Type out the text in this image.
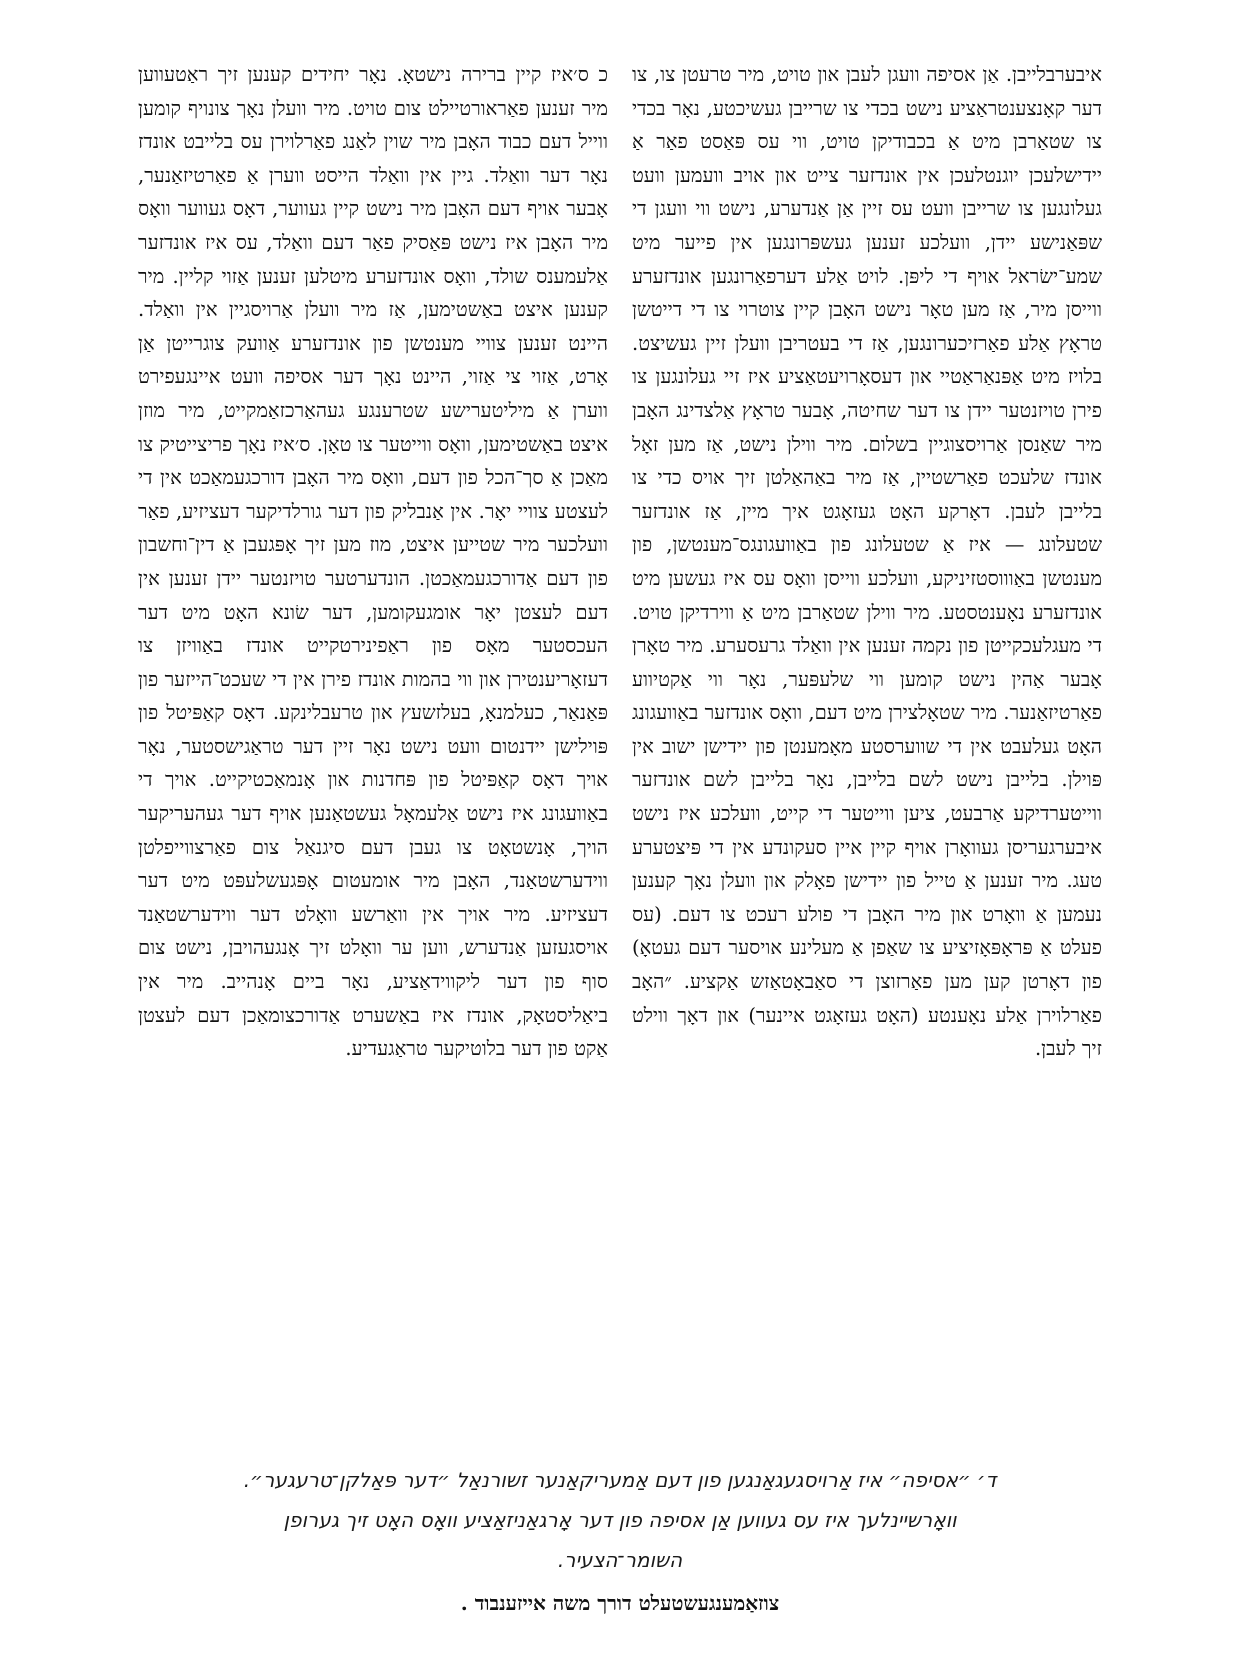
איבערבלייבן. אַן אסיפה וועגן לעבן און טויט, מיר טרעטן צו, צו דער קאָנצענטראַציע נישט בכדי צו שרייבן געשיכטע, נאָר בכדי צו שטאַרבן מיט אַ בכבודיקן טויט, ווי עס פּאַסט פאַר אַ יידישלעכן יוגנטלעכן אין אונדזער צייט און אויב וועמען וועט געלונגען צו שרייבן וועט עס זיין אַן אַנדערע, נישט ווי וועגן די שפּאַנישע יידן, וועלכע זענען געשפּרונגען אין פייער מיט שמע־ישׂראל אויף די ליפּן. לויט אַלע דערפאַרונגען אונדזערע ווייסן מיר, אַז מען טאָר נישט האָבן קיין צוטרוי צו די דייטשן טראָץ אַלע פאַרזיכערונגען, אַז די בעטריבן וועלן זיין געשיצט. בלויז מיט אַפּנאַראַטיי און דעסאָרויעטאַציע איז זיי געלונגען צו פירן טויזנטער יידן צו דער שחיטה, אָבער טראָץ אַלצדינג האָבן מיר שאַנסן אַרויסצוגיין בשלום. מיר ווילן נישט, אַז מען זאָל אונדז שלעכט פאַרשטיין, אַז מיר באַהאַלטן זיך אויס כדי צו בלייבן לעבן. דאָרקע האָט געזאָגט איך מיין, אַז אונדזער שטעלונג — איז אַ שטעלונג פון באַוועגונגס־מענטשן, פון מענטשן באַוווסטזיניקע, וועלכע ווייסן וואָס עס איז געשען מיט אונדזערע נאָענטסטע. מיר ווילן שטאַרבן מיט אַ ווירדיקן טויט. די מעגלעכקייטן פון נקמה זענען אין וואַלד גרעסערע. מיר טאָרן אָבער אַהין נישט קומען ווי שלעפּער, נאָר ווי אַקטיווע פאַרטיזאַנער. מיר שטאָלצירן מיט דעם, וואָס אונדזער באַוועגונג האָט געלעבט אין די שווערסטע מאָמענטן פון יידישן ישוב אין פּוילן. בלייבן נישט לשם בלייבן, נאָר בלייבן לשם אונדזער ווייטערדיקע אַרבעט, ציען ווייטער די קייט, וועלכע איז נישט איבערגעריסן געוואָרן אויף קיין איין סעקונדע אין די פּיצטערע טעג. מיר זענען אַ טייל פון יידישן פאָלק און וועלן נאָך קענען נעמען אַ וואָרט און מיר האָבן די פולע רעכט צו דעם. (עס פעלט אַ פּראָפּאָזיציע צו שאַפן אַ מעלינע אויסער דעם געטאָ) פון דאָרטן קען מען פאַרזוצן די סאַבאָטאַזש אַקציע. ״האָב פאַרלוירן אַלע נאָענטע (האָט געזאָגט איינער) און דאָך ווילט זיך לעבן.

כ ס׳איז קיין ברירה נישטאָ. נאָר יחידים קענען זיך ראַטעווען מיר זענען פאַראורטיילט צום טויט. מיר וועלן נאָך צונויף קומען ווייל דעם כבוד האָבן מיר שוין לאַנג פאַרלוירן עס בלייבט אונדז נאָר דער וואַלד. גיין אין וואַלד הייסט ווערן אַ פאַרטיזאַנער, אָבער אויף דעם האָבן מיר נישט קיין געווער, דאָס געווער וואָס מיר האָבן איז נישט פּאַסיק פאַר דעם וואַלד, עס איז אונדזער אַלעמענס שולד, וואָס אונדזערע מיטלען זענען אַזוי קליין. מיר קענען איצט באַשטימען, אַז מיר וועלן אַרויסגיין אין וואַלד. היינט זענען צוויי מענטשן פון אונדזערע אַוועק צוגרייטן אַן אָרט, אַזוי צי אַזוי, היינט נאָך דער אסיפה וועט איינגעפירט ווערן אַ מיליטערישע שטרענגע געהאַרכזאַמקייט, מיר מוזן איצט באַשטימען, וואָס ווייטער צו טאָן. ס׳איז נאָך פריצייטיק צו מאַכן אַ סך־הכל פון דעם, וואָס מיר האָבן דורכגעמאַכט אין די לעצטע צוויי יאָר. אין אַנבליק פון דער גורלדיקער דעציזיע, פאַר וועלכער מיר שטייען איצט, מוז מען זיך אָפּגעבן אַ דין־וחשבון פון דעם אַדורכגעמאַכטן. הונדערטער טויזנטער יידן זענען אין דעם לעצטן יאָר אומגעקומען, דער שׂונא האָט מיט דער העכסטער מאָס פון ראַפינירטקייט אונדז באַוויזן צו דעזאָריענטירן און ווי בהמות אונדז פירן אין די שעכט־הייזער פון פּאַנאַר, כעלמנאָ, בעלזשעץ און טרעבלינקע. דאָס קאַפּיטל פון פּוילישן יידנטום וועט נישט נאָר זיין דער טראַגישסטער, נאָר אויך דאָס קאַפּיטל פון פּחדנות און אָנמאַכטיקייט. אויך די באַוועגונג איז נישט אַלעמאָל געשטאַנען אויף דער געהעריקער הויך, אָנשטאָט צו געבן דעם סיגנאַל צום פאַרצווייפלטן ווידערשטאַנד, האָבן מיר אומעטום אָפּגעשלעפּט מיט דער דעציזיע. מיר אויך אין וואַרשע וואָלט דער ווידערשטאַנד אויסגעזען אַנדערש, ווען ער וואָלט זיך אָנגעהויבן, נישט צום סוף פון דער ליקווידאַציע, נאָר ביים אָנהייב. מיר אין ביאַליסטאָק, אונדז איז באַשערט אַדורכצומאַכן דעם לעצטן אַקט פון דער בלוטיקער טראַגעדיע.

ד׳ ״אסיפה״ איז אַרויסגעגאַנגען פון דעם אַמעריקאַנער זשורנאַל ״דער פּאַלקן־טרעגער״.

וואָרשיינלעך איז עס געווען אַן אסיפה פון דער אָרגאַניזאַציע וואָס האָט זיך גערופן

השומר־הצעיר.

צוזאַמענגעשטעלט דורך משה אייזענבוד .
